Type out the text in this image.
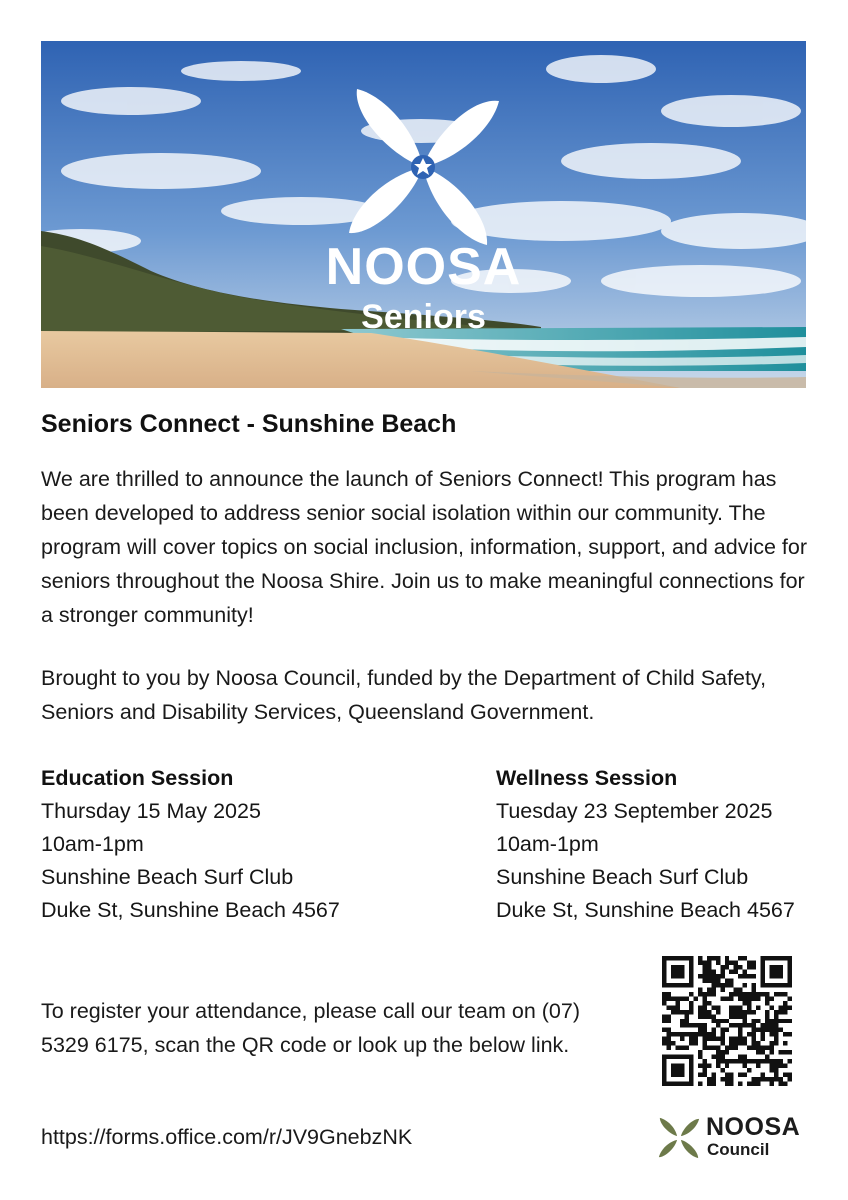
NOOSA
Seniors
Seniors Connect - Sunshine Beach

We are thrilled to announce the launch of Seniors Connect! This program has been developed to address senior social isolation within our community. The program will cover topics on social inclusion, information, support, and advice for seniors throughout the Noosa Shire. Join us to make meaningful connections for a stronger community!

Brought to you by Noosa Council, funded by the Department of Child Safety, Seniors and Disability Services, Queensland Government.

Education Session
Thursday 15 May 2025
10am-1pm
Sunshine Beach Surf Club
Duke St, Sunshine Beach 4567
Wellness Session
Tuesday 23 September 2025
10am-1pm
Sunshine Beach Surf Club
Duke St, Sunshine Beach 4567

To register your attendance, please call our team on (07) 5329 6175, scan the QR code or look up the below link.

https://forms.office.com/r/JV9GnebzNK	NOOSA
Council
